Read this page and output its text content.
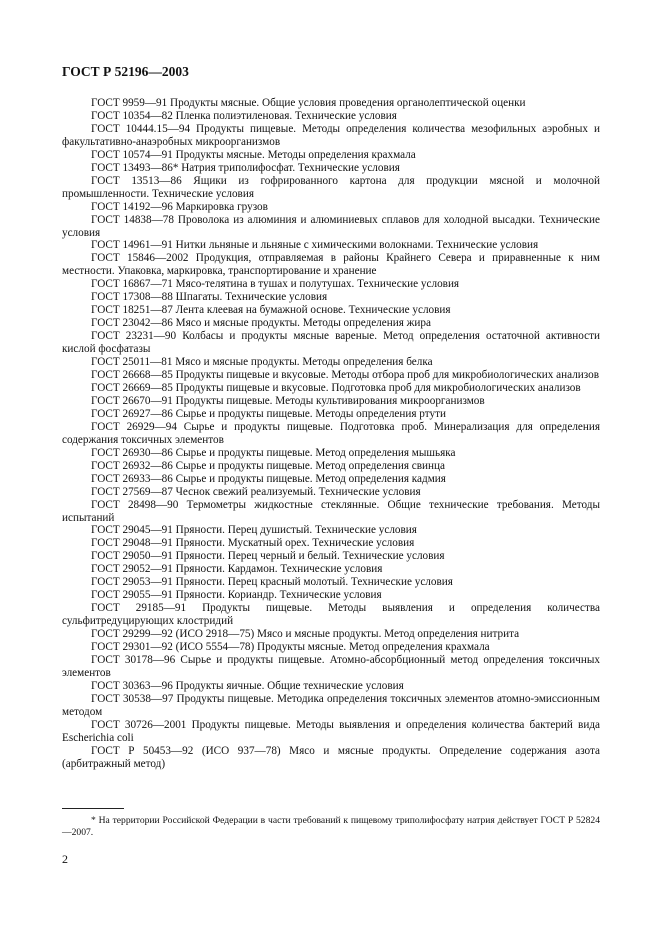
ГОСТ Р 52196—2003

ГОСТ 9959—91 Продукты мясные. Общие условия проведения органолептической оценки

ГОСТ 10354—82 Пленка полиэтиленовая. Технические условия

ГОСТ 10444.15—94 Продукты пищевые. Методы определения количества мезофильных аэробных и факультативно-анаэробных микроорганизмов

ГОСТ 10574—91 Продукты мясные. Методы определения крахмала

ГОСТ 13493—86* Натрия триполифосфат. Технические условия

ГОСТ 13513—86 Ящики из гофрированного картона для продукции мясной и молочной промышленности. Технические условия

ГОСТ 14192—96 Маркировка грузов

ГОСТ 14838—78 Проволока из алюминия и алюминиевых сплавов для холодной высадки. Технические условия

ГОСТ 14961—91 Нитки льняные и льняные с химическими волокнами. Технические условия

ГОСТ 15846—2002 Продукция, отправляемая в районы Крайнего Севера и приравненные к ним местности. Упаковка, маркировка, транспортирование и хранение

ГОСТ 16867—71 Мясо-телятина в тушах и полутушах. Технические условия

ГОСТ 17308—88 Шпагаты. Технические условия

ГОСТ 18251—87 Лента клеевая на бумажной основе. Технические условия

ГОСТ 23042—86 Мясо и мясные продукты. Методы определения жира

ГОСТ 23231—90 Колбасы и продукты мясные вареные. Метод определения остаточной активности кислой фосфатазы

ГОСТ 25011—81 Мясо и мясные продукты. Методы определения белка

ГОСТ 26668—85 Продукты пищевые и вкусовые. Методы отбора проб для микробиологических анализов

ГОСТ 26669—85 Продукты пищевые и вкусовые. Подготовка проб для микробиологических анализов

ГОСТ 26670—91 Продукты пищевые. Методы культивирования микроорганизмов

ГОСТ 26927—86 Сырье и продукты пищевые. Методы определения ртути

ГОСТ 26929—94 Сырье и продукты пищевые. Подготовка проб. Минерализация для определения содержания токсичных элементов

ГОСТ 26930—86 Сырье и продукты пищевые. Метод определения мышьяка

ГОСТ 26932—86 Сырье и продукты пищевые. Метод определения свинца

ГОСТ 26933—86 Сырье и продукты пищевые. Метод определения кадмия

ГОСТ 27569—87 Чеснок свежий реализуемый. Технические условия

ГОСТ 28498—90 Термометры жидкостные стеклянные. Общие технические требования. Методы испытаний

ГОСТ 29045—91 Пряности. Перец душистый. Технические условия

ГОСТ 29048—91 Пряности. Мускатный орех. Технические условия

ГОСТ 29050—91 Пряности. Перец черный и белый. Технические условия

ГОСТ 29052—91 Пряности. Кардамон. Технические условия

ГОСТ 29053—91 Пряности. Перец красный молотый. Технические условия

ГОСТ 29055—91 Пряности. Кориандр. Технические условия

ГОСТ 29185—91 Продукты пищевые. Методы выявления и определения количества сульфитредуцирующих клостридий

ГОСТ 29299—92 (ИСО 2918—75) Мясо и мясные продукты. Метод определения нитрита

ГОСТ 29301—92 (ИСО 5554—78) Продукты мясные. Метод определения крахмала

ГОСТ 30178—96 Сырье и продукты пищевые. Атомно-абсорбционный метод определения токсичных элементов

ГОСТ 30363—96 Продукты яичные. Общие технические условия

ГОСТ 30538—97 Продукты пищевые. Методика определения токсичных элементов атомно-эмиссионным методом

ГОСТ 30726—2001 Продукты пищевые. Методы выявления и определения количества бактерий вида Escherichia coli

ГОСТ Р 50453—92 (ИСО 937—78) Мясо и мясные продукты. Определение содержания азота (арбитражный метод)

* На территории Российской Федерации в части требований к пищевому триполифосфату натрия действует ГОСТ Р 52824—2007.
2
